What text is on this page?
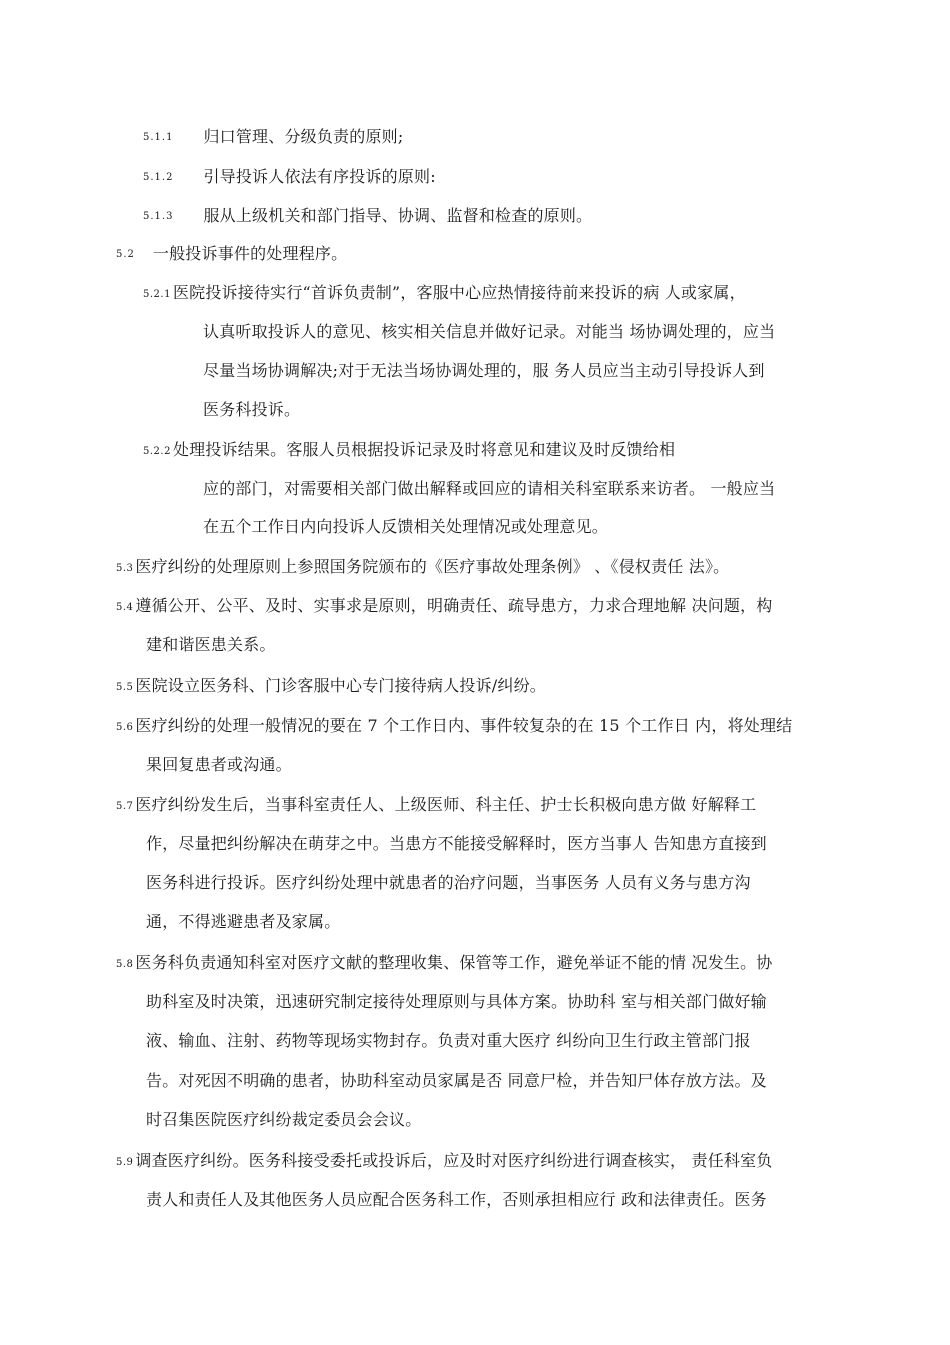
5.1.1 归口管理、分级负责的原则;
5.1.2 引导投诉人依法有序投诉的原则:
5.1.3 服从上级机关和部门指导、协调、监督和检查的原则。
5.2 一般投诉事件的处理程序。
5.2.1 医院投诉接待实行“首诉负责制”，客服中心应热情接待前来投诉的病 人或家属，
认真听取投诉人的意见、核实相关信息并做好记录。对能当 场协调处理的，应当
尽量当场协调解决;对于无法当场协调处理的，服 务人员应当主动引导投诉人到
医务科投诉。
5.2.2 处理投诉结果。客服人员根据投诉记录及时将意见和建议及时反馈给相
应的部门，对需要相关部门做出解释或回应的请相关科室联系来访者。 一般应当
在五个工作日内向投诉人反馈相关处理情况或处理意见。
5.3 医疗纠纷的处理原则上参照国务院颁布的《医疗事故处理条例》 、《侵权责任 法》。
5.4 遵循公开、公平、及时、实事求是原则，明确责任、疏导患方，力求合理地解 决问题，构
建和谐医患关系。
5.5 医院设立医务科、门诊客服中心专门接待病人投诉/纠纷。
5.6 医疗纠纷的处理一般情况的要在 7 个工作日内、事件较复杂的在 15 个工作日 内，将处理结
果回复患者或沟通。
5.7 医疗纠纷发生后，当事科室责任人、上级医师、科主任、护士长积极向患方做 好解释工
作，尽量把纠纷解决在萌芽之中。当患方不能接受解释时，医方当事人 告知患方直接到
医务科进行投诉。医疗纠纷处理中就患者的治疗问题，当事医务 人员有义务与患方沟
通，不得逃避患者及家属。
5.8 医务科负责通知科室对医疗文献的整理收集、保管等工作，避免举证不能的情 况发生。协
助科室及时决策，迅速研究制定接待处理原则与具体方案。协助科 室与相关部门做好输
液、输血、注射、药物等现场实物封存。负责对重大医疗 纠纷向卫生行政主管部门报
告。对死因不明确的患者，协助科室动员家属是否 同意尸检，并告知尸体存放方法。及
时召集医院医疗纠纷裁定委员会会议。
5.9 调查医疗纠纷。医务科接受委托或投诉后，应及时对医疗纠纷进行调查核实， 责任科室负
责人和责任人及其他医务人员应配合医务科工作，否则承担相应行 政和法律责任。医务
